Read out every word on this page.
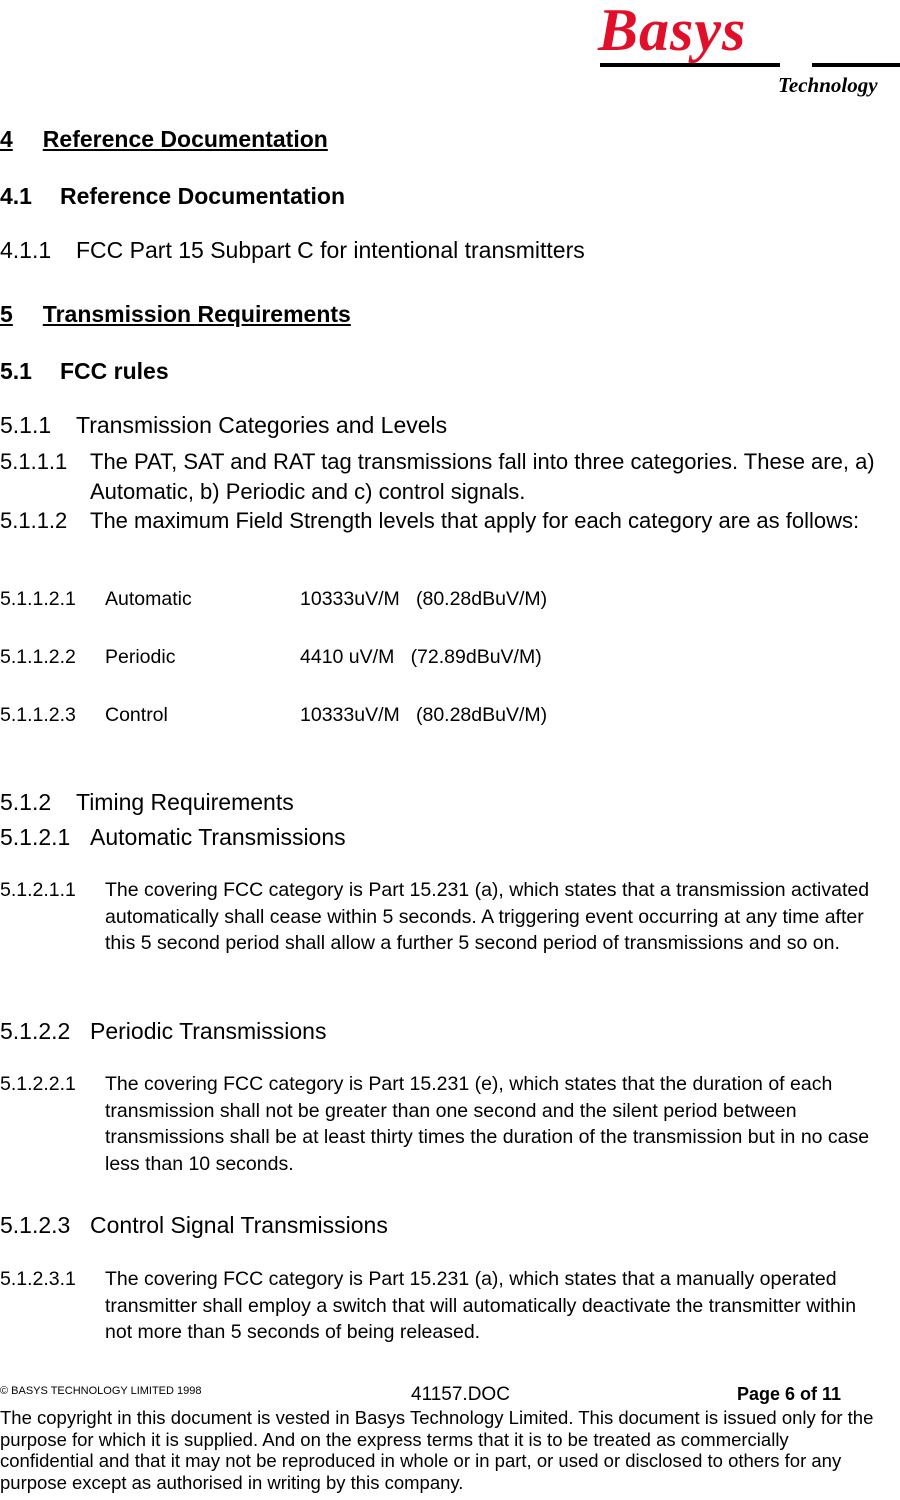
Basys
Technology
4 Reference Documentation
4.1 Reference Documentation
4.1.1 FCC Part 15 Subpart C for intentional transmitters
5 Transmission Requirements
5.1 FCC rules
5.1.1 Transmission Categories and Levels
5.1.1.1 The PAT, SAT and RAT tag transmissions fall into three categories. These are, a) Automatic, b) Periodic and c) control signals.
5.1.1.2 The maximum Field Strength levels that apply for each category are as follows:
5.1.1.2.1 Automatic	10333uV/M   (80.28dBuV/M)
5.1.1.2.2 Periodic	4410 uV/M   (72.89dBuV/M)
5.1.1.2.3 Control	10333uV/M   (80.28dBuV/M)
5.1.2 Timing Requirements
5.1.2.1 Automatic Transmissions
5.1.2.1.1 The covering FCC category is Part 15.231 (a), which states that a transmission activated automatically shall cease within 5 seconds. A triggering event occurring at any time after this 5 second period shall allow a further 5 second period of transmissions and so on.
5.1.2.2 Periodic Transmissions
5.1.2.2.1 The covering FCC category is Part 15.231 (e), which states that the duration of each transmission shall not be greater than one second and the silent period between transmissions shall be at least thirty times the duration of the transmission but in no case less than 10 seconds.
5.1.2.3 Control Signal Transmissions
5.1.2.3.1 The covering FCC category is Part 15.231 (a), which states that a manually operated transmitter shall employ a switch that will automatically deactivate the transmitter within not more than 5 seconds of being released.
© BASYS TECHNOLOGY LIMITED 1998	41157.DOC	Page 6 of 11
The copyright in this document is vested in Basys Technology Limited. This document is issued only for the purpose for which it is supplied. And on the express terms that it is to be treated as commercially confidential and that it may not be reproduced in whole or in part, or used or disclosed to others for any purpose except as authorised in writing by this company.
